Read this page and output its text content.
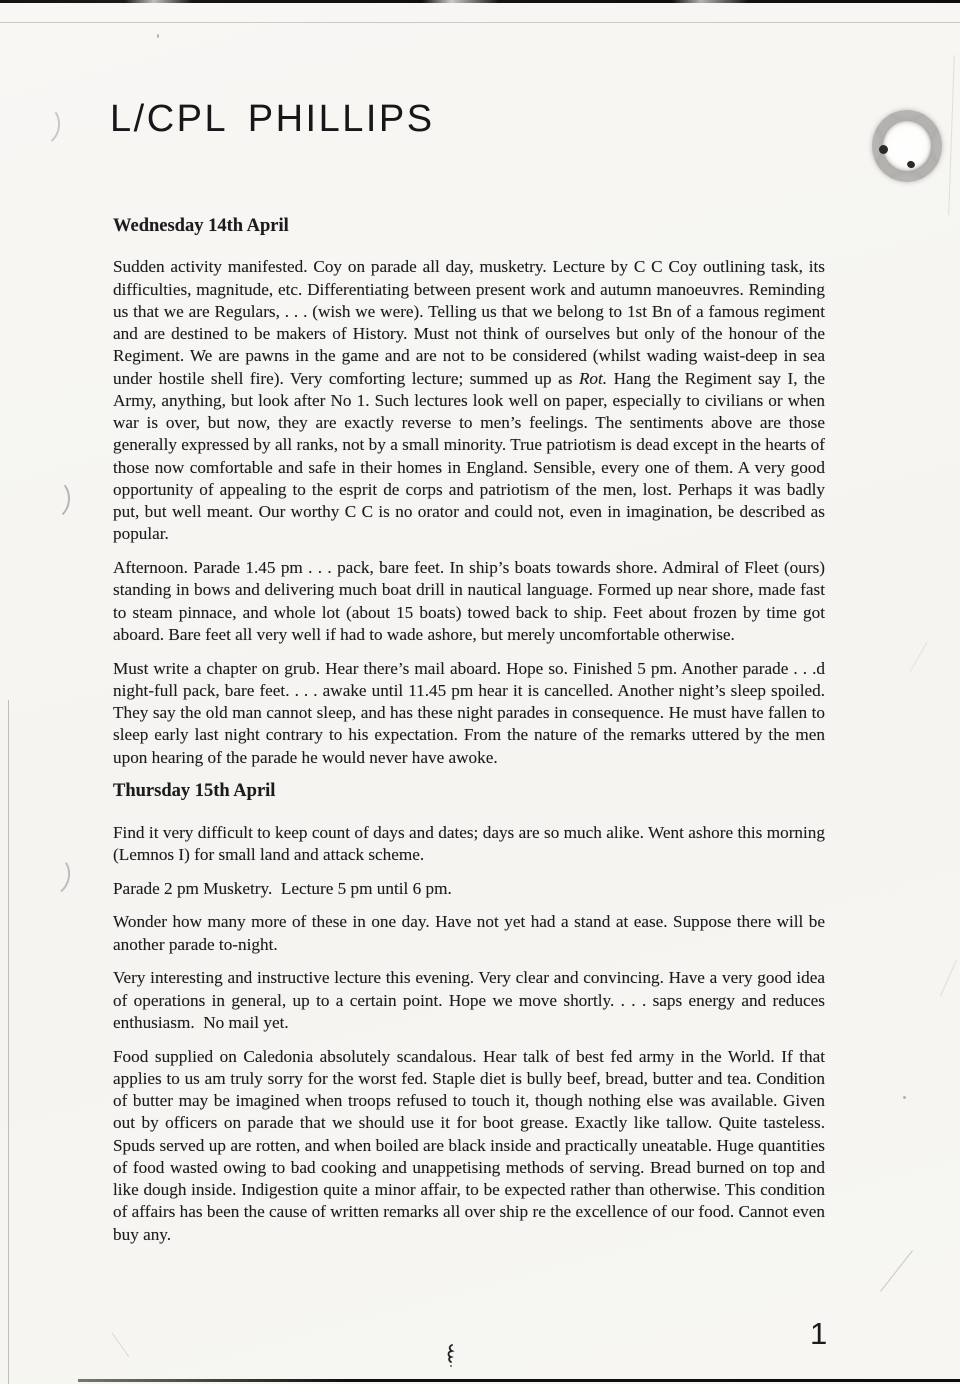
L/CPL PHILLIPS
Wednesday 14th April

Sudden activity manifested. Coy on parade all day, musketry. Lecture by C C Coy outlining task, its difficulties, magnitude, etc. Differentiating between present work and autumn manoeuvres. Reminding us that we are Regulars, . . . (wish we were). Telling us that we belong to 1st Bn of a famous regiment and are destined to be makers of History. Must not think of ourselves but only of the honour of the Regiment. We are pawns in the game and are not to be considered (whilst wading waist-deep in sea under hostile shell fire). Very comforting lecture; summed up as Rot. Hang the Regiment say I, the Army, anything, but look after No 1. Such lectures look well on paper, especially to civilians or when war is over, but now, they are exactly reverse to men’s feelings. The sentiments above are those generally expressed by all ranks, not by a small minority. True patriotism is dead except in the hearts of those now comfortable and safe in their homes in England. Sensible, every one of them. A very good opportunity of appealing to the esprit de corps and patriotism of the men, lost. Perhaps it was badly put, but well meant. Our worthy C C is no orator and could not, even in imagination, be described as popular.

Afternoon. Parade 1.45 pm . . . pack, bare feet. In ship’s boats towards shore. Admiral of Fleet (ours) standing in bows and delivering much boat drill in nautical language. Formed up near shore, made fast to steam pinnace, and whole lot (about 15 boats) towed back to ship. Feet about frozen by time got aboard. Bare feet all very well if had to wade ashore, but merely uncomfortable otherwise.

Must write a chapter on grub. Hear there’s mail aboard. Hope so. Finished 5 pm. Another parade . . .d night-full pack, bare feet. . . . awake until 11.45 pm hear it is cancelled. Another night’s sleep spoiled. They say the old man cannot sleep, and has these night parades in consequence. He must have fallen to sleep early last night contrary to his expectation. From the nature of the remarks uttered by the men upon hearing of the parade he would never have awoke.

Thursday 15th April

Find it very difficult to keep count of days and dates; days are so much alike. Went ashore this morning (Lemnos I) for small land and attack scheme.

Parade 2 pm Musketry. Lecture 5 pm until 6 pm.

Wonder how many more of these in one day. Have not yet had a stand at ease. Suppose there will be another parade to-night.

Very interesting and instructive lecture this evening. Very clear and convincing. Have a very good idea of operations in general, up to a certain point. Hope we move shortly. . . . saps energy and reduces enthusiasm. No mail yet.

Food supplied on Caledonia absolutely scandalous. Hear talk of best fed army in the World. If that applies to us am truly sorry for the worst fed. Staple diet is bully beef, bread, butter and tea. Condition of butter may be imagined when troops refused to touch it, though nothing else was available. Given out by officers on parade that we should use it for boot grease. Exactly like tallow. Quite tasteless. Spuds served up are rotten, and when boiled are black inside and practically uneatable. Huge quantities of food wasted owing to bad cooking and unappetising methods of serving. Bread burned on top and like dough inside. Indigestion quite a minor affair, to be expected rather than otherwise. This condition of affairs has been the cause of written remarks all over ship re the excellence of our food. Cannot even buy any.

1
